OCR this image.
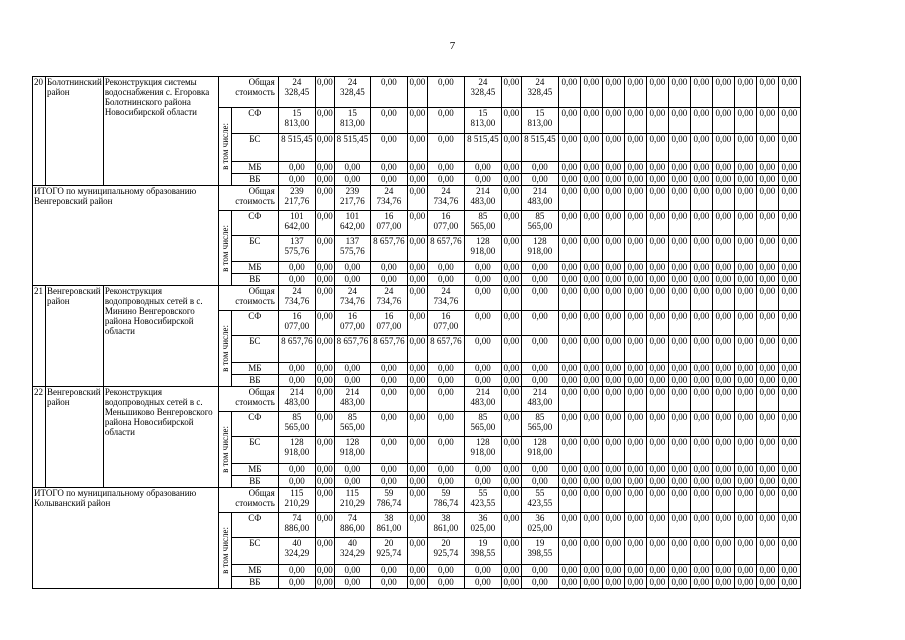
7
20	Болотнинский район	Реконструкция системы водоснабжения с. Егоровка Болотнинского района Новосибирской области	Общая стоимость		24 328,45	0,00	24 328,45	0,00	0,00	0,00	24 328,45	0,00	24 328,45	0,00	0,00	0,00	0,00	0,00	0,00	0,00	0,00	0,00	0,00	0,00

			в том числе:	СФ	15 813,00	0,00	15 813,00	0,00	0,00	0,00	15 813,00	0,00	15 813,00	0,00	0,00	0,00	0,00	0,00	0,00	0,00	0,00	0,00	0,00	0,00
				БС	8 515,45	0,00	8 515,45	0,00	0,00	0,00	8 515,45	0,00	8 515,45	0,00	0,00	0,00	0,00	0,00	0,00	0,00	0,00	0,00	0,00	0,00
				МБ	0,00	0,00	0,00	0,00	0,00	0,00	0,00	0,00	0,00	0,00	0,00	0,00	0,00	0,00	0,00	0,00	0,00	0,00	0,00	0,00
				ВБ	0,00	0,00	0,00	0,00	0,00	0,00	0,00	0,00	0,00	0,00	0,00	0,00	0,00	0,00	0,00	0,00	0,00	0,00	0,00	0,00
ИТОГО по муниципальному образованию Венгеровский район			Общая стоимость		239 217,76	0,00	239 217,76	24 734,76	0,00	24 734,76	214 483,00	0,00	214 483,00	0,00	0,00	0,00	0,00	0,00	0,00	0,00	0,00	0,00	0,00	0,00

			в том числе:	СФ	101 642,00	0,00	101 642,00	16 077,00	0,00	16 077,00	85 565,00	0,00	85 565,00	0,00	0,00	0,00	0,00	0,00	0,00	0,00	0,00	0,00	0,00	0,00
				БС	137 575,76	0,00	137 575,76	8 657,76	0,00	8 657,76	128 918,00	0,00	128 918,00	0,00	0,00	0,00	0,00	0,00	0,00	0,00	0,00	0,00	0,00	0,00
				МБ	0,00	0,00	0,00	0,00	0,00	0,00	0,00	0,00	0,00	0,00	0,00	0,00	0,00	0,00	0,00	0,00	0,00	0,00	0,00	0,00
				ВБ	0,00	0,00	0,00	0,00	0,00	0,00	0,00	0,00	0,00	0,00	0,00	0,00	0,00	0,00	0,00	0,00	0,00	0,00	0,00	0,00
21	Венгеровский район	Реконструкция водопроводных сетей в с. Минино Венгеровского района Новосибирской области	Общая стоимость		24 734,76	0,00	24 734,76	24 734,76	0,00	24 734,76	0,00	0,00	0,00	0,00	0,00	0,00	0,00	0,00	0,00	0,00	0,00	0,00	0,00	0,00

			в том числе:	СФ	16 077,00	0,00	16 077,00	16 077,00	0,00	16 077,00	0,00	0,00	0,00	0,00	0,00	0,00	0,00	0,00	0,00	0,00	0,00	0,00	0,00	0,00
				БС	8 657,76	0,00	8 657,76	8 657,76	0,00	8 657,76	0,00	0,00	0,00	0,00	0,00	0,00	0,00	0,00	0,00	0,00	0,00	0,00	0,00	0,00
				МБ	0,00	0,00	0,00	0,00	0,00	0,00	0,00	0,00	0,00	0,00	0,00	0,00	0,00	0,00	0,00	0,00	0,00	0,00	0,00	0,00
				ВБ	0,00	0,00	0,00	0,00	0,00	0,00	0,00	0,00	0,00	0,00	0,00	0,00	0,00	0,00	0,00	0,00	0,00	0,00	0,00	0,00
22	Венгеровский район	Реконструкция водопроводных сетей в с. Меньшиково Венгеровского района Новосибирской области	Общая стоимость		214 483,00	0,00	214 483,00	0,00	0,00	0,00	214 483,00	0,00	214 483,00	0,00	0,00	0,00	0,00	0,00	0,00	0,00	0,00	0,00	0,00	0,00

			в том числе:	СФ	85 565,00	0,00	85 565,00	0,00	0,00	0,00	85 565,00	0,00	85 565,00	0,00	0,00	0,00	0,00	0,00	0,00	0,00	0,00	0,00	0,00	0,00
				БС	128 918,00	0,00	128 918,00	0,00	0,00	0,00	128 918,00	0,00	128 918,00	0,00	0,00	0,00	0,00	0,00	0,00	0,00	0,00	0,00	0,00	0,00
				МБ	0,00	0,00	0,00	0,00	0,00	0,00	0,00	0,00	0,00	0,00	0,00	0,00	0,00	0,00	0,00	0,00	0,00	0,00	0,00	0,00
				ВБ	0,00	0,00	0,00	0,00	0,00	0,00	0,00	0,00	0,00	0,00	0,00	0,00	0,00	0,00	0,00	0,00	0,00	0,00	0,00	0,00
ИТОГО по муниципальному образованию Колыванский район			Общая стоимость		115 210,29	0,00	115 210,29	59 786,74	0,00	59 786,74	55 423,55	0,00	55 423,55	0,00	0,00	0,00	0,00	0,00	0,00	0,00	0,00	0,00	0,00	0,00

			в том числе:	СФ	74 886,00	0,00	74 886,00	38 861,00	0,00	38 861,00	36 025,00	0,00	36 025,00	0,00	0,00	0,00	0,00	0,00	0,00	0,00	0,00	0,00	0,00	0,00
				БС	40 324,29	0,00	40 324,29	20 925,74	0,00	20 925,74	19 398,55	0,00	19 398,55	0,00	0,00	0,00	0,00	0,00	0,00	0,00	0,00	0,00	0,00	0,00
				МБ	0,00	0,00	0,00	0,00	0,00	0,00	0,00	0,00	0,00	0,00	0,00	0,00	0,00	0,00	0,00	0,00	0,00	0,00	0,00	0,00
				ВБ	0,00	0,00	0,00	0,00	0,00	0,00	0,00	0,00	0,00	0,00	0,00	0,00	0,00	0,00	0,00	0,00	0,00	0,00	0,00	0,00
